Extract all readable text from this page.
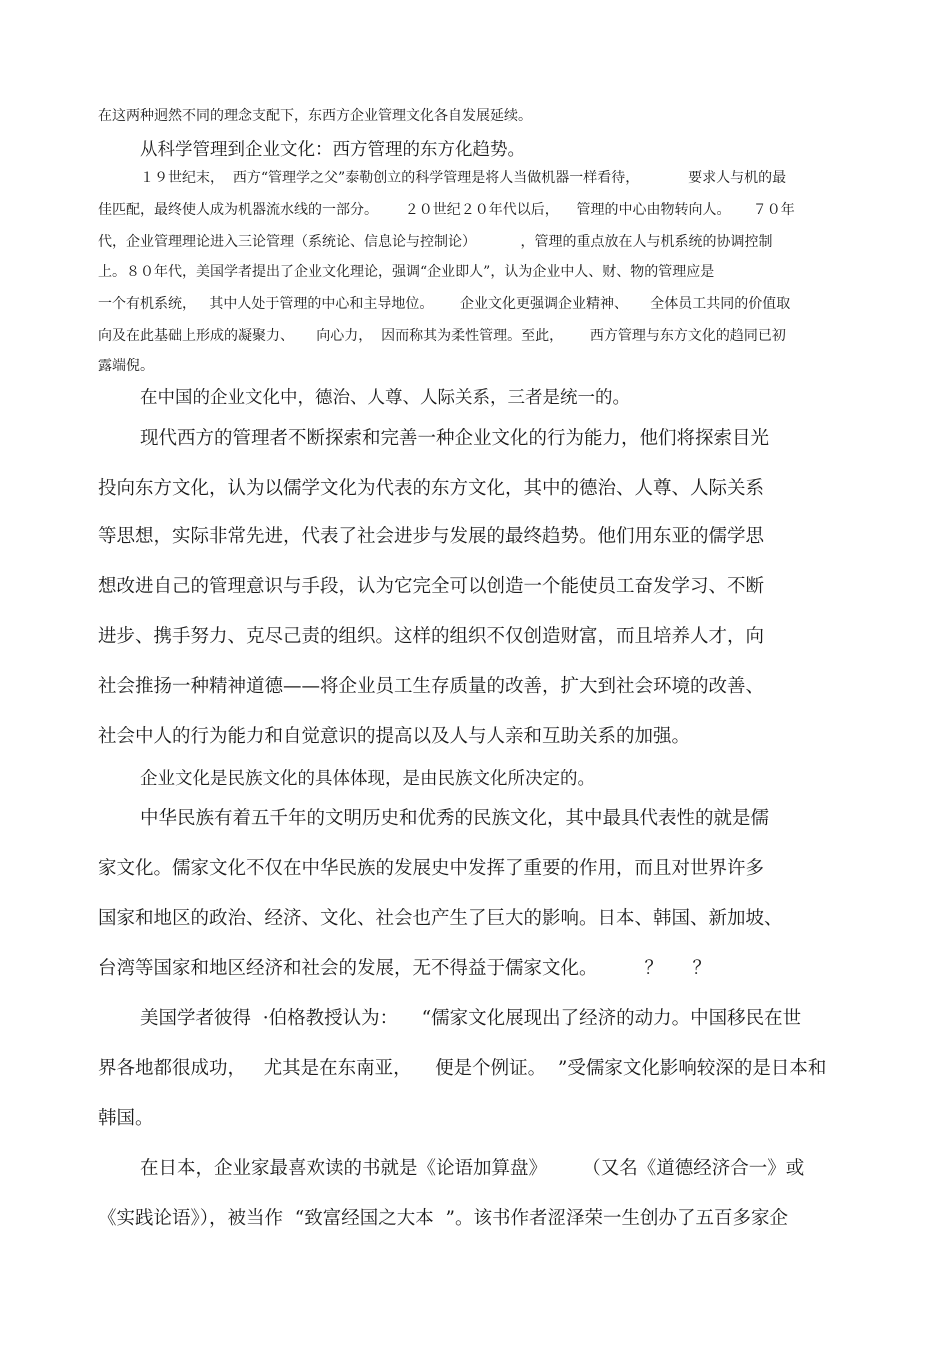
在这两种迥然不同的理念支配下，东西方企业管理文化各自发展延续。

从科学管理到企业文化：西方管理的东方化趋势。

１９世纪末，  西方“管理学之父”泰勒创立的科学管理是将人当做机器一样看待，           要求人与机的最

佳匹配，最终使人成为机器流水线的一部分。      ２０世纪２０年代以后，    管理的中心由物转向人。     ７０年

代，企业管理理论进入三论管理（系统论、信息论与控制论）          ，管理的重点放在人与机系统的协调控制

上。８０年代，美国学者提出了企业文化理论，强调“企业即人”，认为企业中人、财、物的管理应是

一个有机系统，   其中人处于管理的中心和主导地位。      企业文化更强调企业精神、     全体员工共同的价值取

向及在此基础上形成的凝聚力、     向心力，  因而称其为柔性管理。至此，      西方管理与东方文化的趋同已初

露端倪。

在中国的企业文化中，德治、人尊、人际关系，三者是统一的。

现代西方的管理者不断探索和完善一种企业文化的行为能力，他们将探索目光

投向东方文化，认为以儒学文化为代表的东方文化，其中的德治、人尊、人际关系

等思想，实际非常先进，代表了社会进步与发展的最终趋势。他们用东亚的儒学思

想改进自己的管理意识与手段，认为它完全可以创造一个能使员工奋发学习、不断

进步、携手努力、克尽己责的组织。这样的组织不仅创造财富，而且培养人才，向

社会推扬一种精神道德——将企业员工生存质量的改善，扩大到社会环境的改善、

社会中人的行为能力和自觉意识的提高以及人与人亲和互助关系的加强。

企业文化是民族文化的具体体现，是由民族文化所决定的。

中华民族有着五千年的文明历史和优秀的民族文化，其中最具代表性的就是儒

家文化。儒家文化不仅在中华民族的发展史中发挥了重要的作用，而且对世界许多

国家和地区的政治、经济、文化、社会也产生了巨大的影响。日本、韩国、新加坡、

台湾等国家和地区经济和社会的发展，无不得益于儒家文化。        ？     ？

美国学者彼得  ·伯格教授认为：    “儒家文化展现出了经济的动力。中国移民在世

界各地都很成功，   尤其是在东南亚，    便是个例证。  ”受儒家文化影响较深的是日本和

韩国。

在日本，企业家最喜欢读的书就是《论语加算盘》      （又名《道德经济合一》或

《实践论语》），被当作  “致富经国之大本  ”。该书作者涩泽荣一生创办了五百多家企
